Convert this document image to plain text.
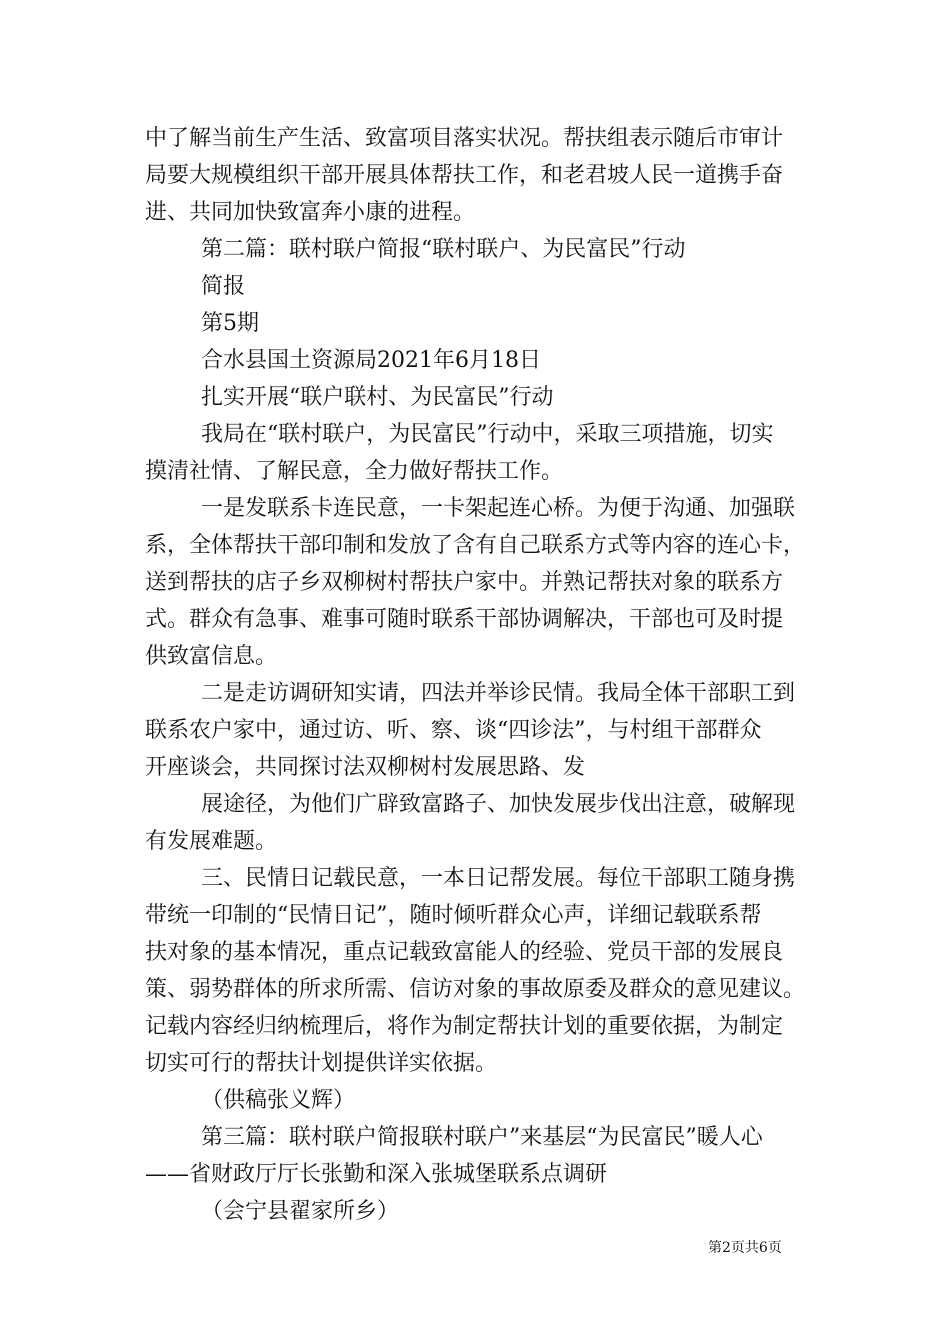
中了解当前生产生活、致富项目落实状况。帮扶组表示随后市审计
局要大规模组织干部开展具体帮扶工作，和老君坡人民一道携手奋
进、共同加快致富奔小康的进程。
第二篇：联村联户简报“联村联户、为民富民”行动
简报
第5期
合水县国土资源局2021年6月18日
扎实开展“联户联村、为民富民”行动
我局在“联村联户，为民富民”行动中，采取三项措施，切实
摸清社情、了解民意，全力做好帮扶工作。
一是发联系卡连民意，一卡架起连心桥。为便于沟通、加强联
系，全体帮扶干部印制和发放了含有自己联系方式等内容的连心卡，
送到帮扶的店子乡双柳树村帮扶户家中。并熟记帮扶对象的联系方
式。群众有急事、难事可随时联系干部协调解决，干部也可及时提
供致富信息。
二是走访调研知实请，四法并举诊民情。我局全体干部职工到
联系农户家中，通过访、听、察、谈“四诊法”，与村组干部群众
开座谈会，共同探讨法双柳树村发展思路、发
展途径，为他们广辟致富路子、加快发展步伐出注意，破解现
有发展难题。
三、民情日记载民意，一本日记帮发展。每位干部职工随身携
带统一印制的“民情日记”，随时倾听群众心声，详细记载联系帮
扶对象的基本情况，重点记载致富能人的经验、党员干部的发展良
策、弱势群体的所求所需、信访对象的事故原委及群众的意见建议。
记载内容经归纳梳理后，将作为制定帮扶计划的重要依据，为制定
切实可行的帮扶计划提供详实依据。
（供稿张义辉）
第三篇：联村联户简报联村联户”来基层“为民富民”暖人心
——省财政厅厅长张勤和深入张城堡联系点调研
（会宁县翟家所乡）
第2页共6页
